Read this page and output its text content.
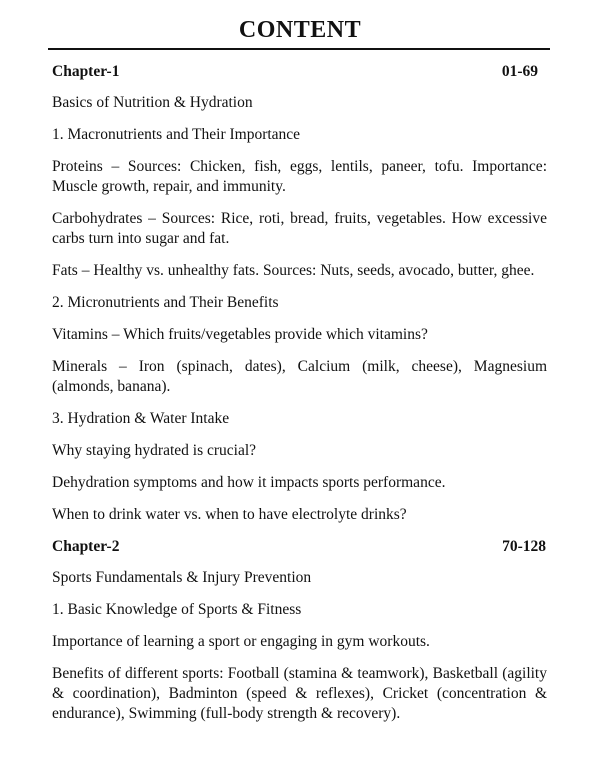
CONTENT
Chapter-1	01-69

Basics of Nutrition & Hydration

1. Macronutrients and Their Importance

Proteins – Sources: Chicken, fish, eggs, lentils, paneer, tofu. Importance: Muscle growth, repair, and immunity.

Carbohydrates – Sources: Rice, roti, bread, fruits, vegetables. How excessive carbs turn into sugar and fat.

Fats – Healthy vs. unhealthy fats. Sources: Nuts, seeds, avocado, butter, ghee.

2. Micronutrients and Their Benefits

Vitamins – Which fruits/vegetables provide which vitamins?

Minerals – Iron (spinach, dates), Calcium (milk, cheese), Magnesium (almonds, banana).

3. Hydration & Water Intake

Why staying hydrated is crucial?

Dehydration symptoms and how it impacts sports performance.

When to drink water vs. when to have electrolyte drinks?

Chapter-2	70-128

Sports Fundamentals & Injury Prevention

1. Basic Knowledge of Sports & Fitness

Importance of learning a sport or engaging in gym workouts.

Benefits of different sports: Football (stamina & teamwork), Basketball (agility & coordination), Badminton (speed & reflexes), Cricket (concentration & endurance), Swimming (full-body strength & recovery).
